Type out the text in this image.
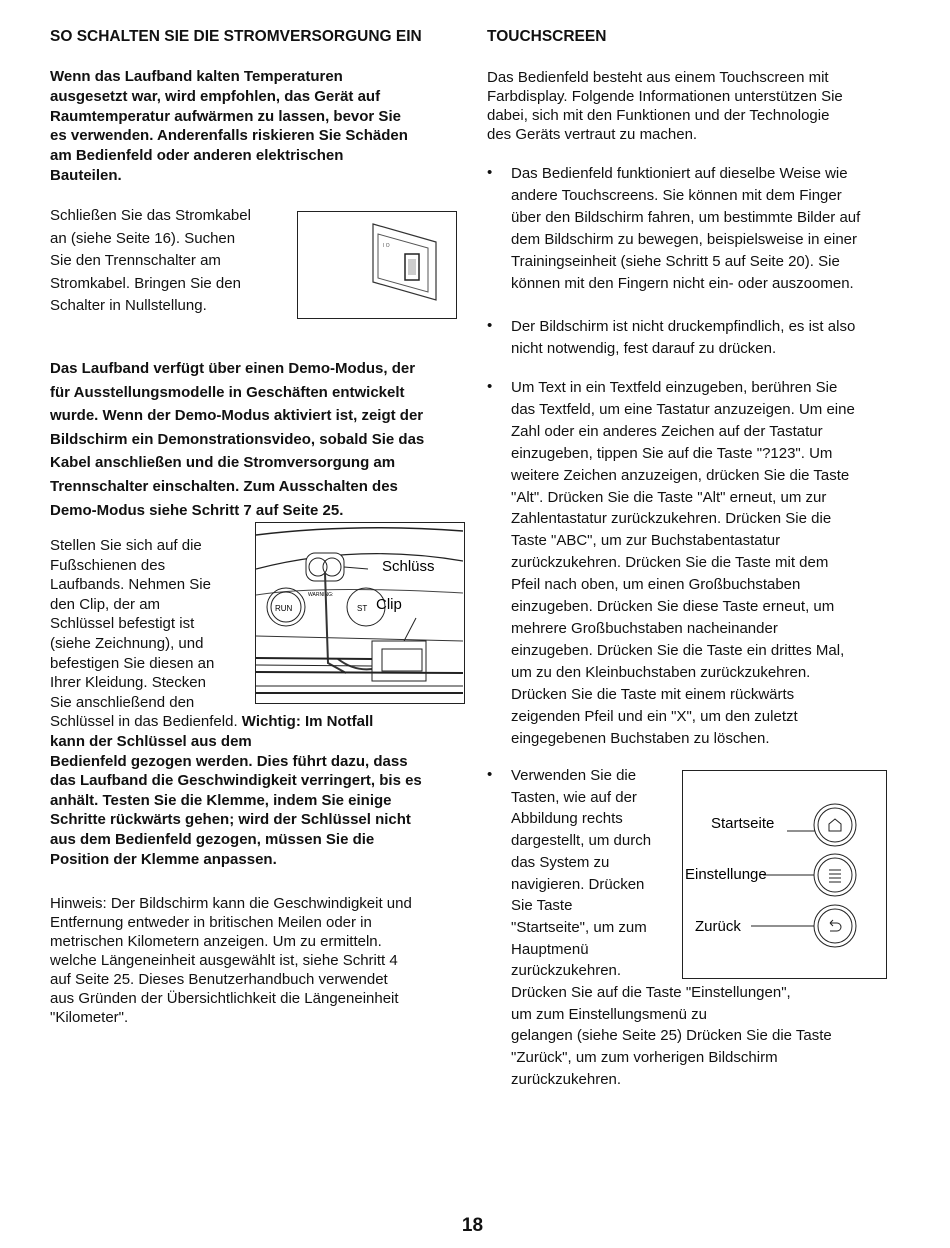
SO SCHALTEN SIE DIE STROMVERSORGUNG EIN
Wenn das Laufband kalten Temperaturen
ausgesetzt war, wird empfohlen, das Gerät auf
Raumtemperatur aufwärmen zu lassen, bevor Sie
es verwenden. Anderenfalls riskieren Sie Schäden
am Bedienfeld oder anderen elektrischen
Bauteilen.
Schließen Sie das Stromkabel
an (siehe Seite 16). Suchen
Sie den Trennschalter am
Stromkabel. Bringen Sie den
Schalter in Nullstellung.
I O
Das Laufband verfügt über einen Demo-Modus, der
für Ausstellungsmodelle in Geschäften entwickelt
wurde. Wenn der Demo-Modus aktiviert ist, zeigt der
Bildschirm ein Demonstrationsvideo, sobald Sie das
Kabel anschließen und die Stromversorgung am
Trennschalter einschalten. Zum Ausschalten des
Demo-Modus siehe Schritt 7 auf Seite 25.
Stellen Sie sich auf die
Fußschienen des
Laufbands. Nehmen Sie
den Clip, der am
Schlüssel befestigt ist
(siehe Zeichnung), und
befestigen Sie diesen an
Ihrer Kleidung. Stecken
Sie anschließend den
Schlüssel in das Bedienfeld. Wichtig: Im Notfall
kann der Schlüssel aus dem
Bedienfeld gezogen werden. Dies führt dazu, dass
das Laufband die Geschwindigkeit verringert, bis es
anhält. Testen Sie die Klemme, indem Sie einige
Schritte rückwärts gehen; wird der Schlüssel nicht
aus dem Bedienfeld gezogen, müssen Sie die
Position der Klemme anpassen.
Schlüss
RUN	ST
WARNING:
Clip
Hinweis: Der Bildschirm kann die Geschwindigkeit und
Entfernung entweder in britischen Meilen oder in
metrischen Kilometern anzeigen. Um zu ermitteln.
welche Längeneinheit ausgewählt ist, siehe Schritt 4
auf Seite 25. Dieses Benutzerhandbuch verwendet
aus Gründen der Übersichtlichkeit die Längeneinheit
"Kilometer".
TOUCHSCREEN
Das Bedienfeld besteht aus einem Touchscreen mit
Farbdisplay. Folgende Informationen unterstützen Sie
dabei, sich mit den Funktionen und der Technologie
des Geräts vertraut zu machen.
• Das Bedienfeld funktioniert auf dieselbe Weise wie
andere Touchscreens. Sie können mit dem Finger
über den Bildschirm fahren, um bestimmte Bilder auf
dem Bildschirm zu bewegen, beispielsweise in einer
Trainingseinheit (siehe Schritt 5 auf Seite 20). Sie
können mit den Fingern nicht ein- oder auszoomen.
• Der Bildschirm ist nicht druckempfindlich, es ist also
nicht notwendig, fest darauf zu drücken.
• Um Text in ein Textfeld einzugeben, berühren Sie
das Textfeld, um eine Tastatur anzuzeigen. Um eine
Zahl oder ein anderes Zeichen auf der Tastatur
einzugeben, tippen Sie auf die Taste "?123". Um
weitere Zeichen anzuzeigen, drücken Sie die Taste
"Alt". Drücken Sie die Taste "Alt" erneut, um zur
Zahlentastatur zurückzukehren. Drücken Sie die
Taste "ABC", um zur Buchstabentastatur
zurückzukehren. Drücken Sie die Taste mit dem
Pfeil nach oben, um einen Großbuchstaben
einzugeben. Drücken Sie diese Taste erneut, um
mehrere Großbuchstaben nacheinander
einzugeben. Drücken Sie die Taste ein drittes Mal,
um zu den Kleinbuchstaben zurückzukehren.
Drücken Sie die Taste mit einem rückwärts
zeigenden Pfeil und ein "X", um den zuletzt
eingegebenen Buchstaben zu löschen.
• Verwenden Sie die
Tasten, wie auf der
Abbildung rechts
dargestellt, um durch
das System zu
navigieren. Drücken
Sie Taste
"Startseite", um zum
Hauptmenü
zurückzukehren.
Drücken Sie auf die Taste "Einstellungen",
um zum Einstellungsmenü zu
gelangen (siehe Seite 25) Drücken Sie die Taste
"Zurück", um zum vorherigen Bildschirm
zurückzukehren.
Startseite
Einstellunge
Zurück
18
